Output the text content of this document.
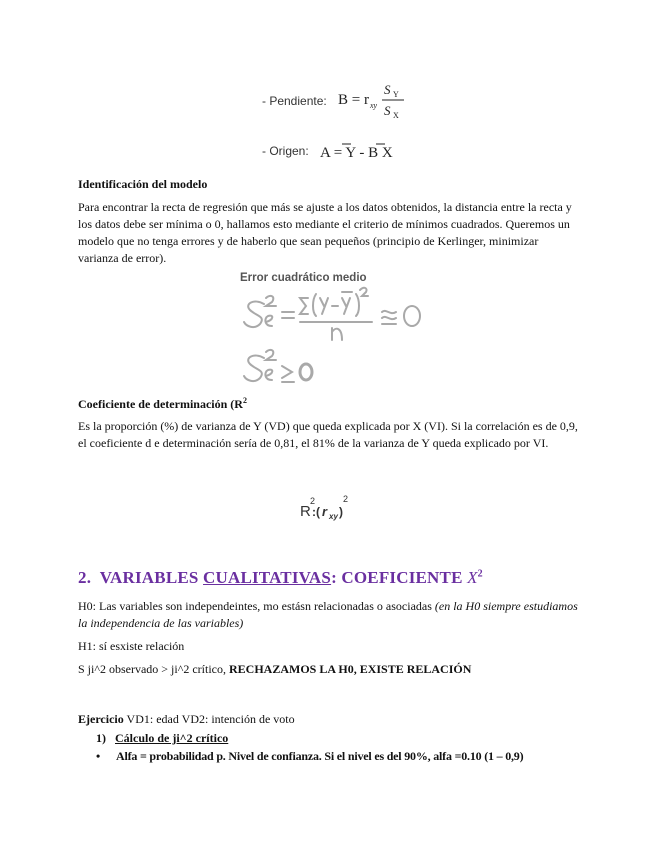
- Pendiente: B = r xy
S Y
S X
- Origen: A = Y - B X
Identificación del modelo

Para encontrar la recta de regresión que más se ajuste a los datos obtenidos, la distancia entre la recta y los datos debe ser mínima o 0, hallamos esto mediante el criterio de mínimos cuadrados. Queremos un modelo que no tenga errores y de haberlo que sean pequeños (principio de Kerlinger, minimizar varianza de error).

Error cuadrático medio
Coeficiente de determinación ($R^2$

Es la proporción (%) de varianza de Y (VD) que queda explicada por X (VI). Si la correlación es de 0,9, el coeficiente d e determinación sería de 0,81, el 81% de la varianza de Y queda explicado por VI.

R
2
:( r xy )
2
2. VARIABLES CUALITATIVAS: COEFICIENTE $X^2$

H0: Las variables son independeintes, mo estásn relacionadas o asociadas (en la H0 siempre estudiamos la independencia de las variables)

H1: sí esxiste relación

S ji^2 observado > ji^2 crítico, RECHAZAMOS LA H0, EXISTE RELACIÓN

Ejercicio VD1: edad VD2: intención de voto

1) Cálculo de ji^2 crítico
• Alfa = probabilidad p. Nivel de confianza. Si el nivel es del 90%, alfa =0.10 (1 – 0,9)
